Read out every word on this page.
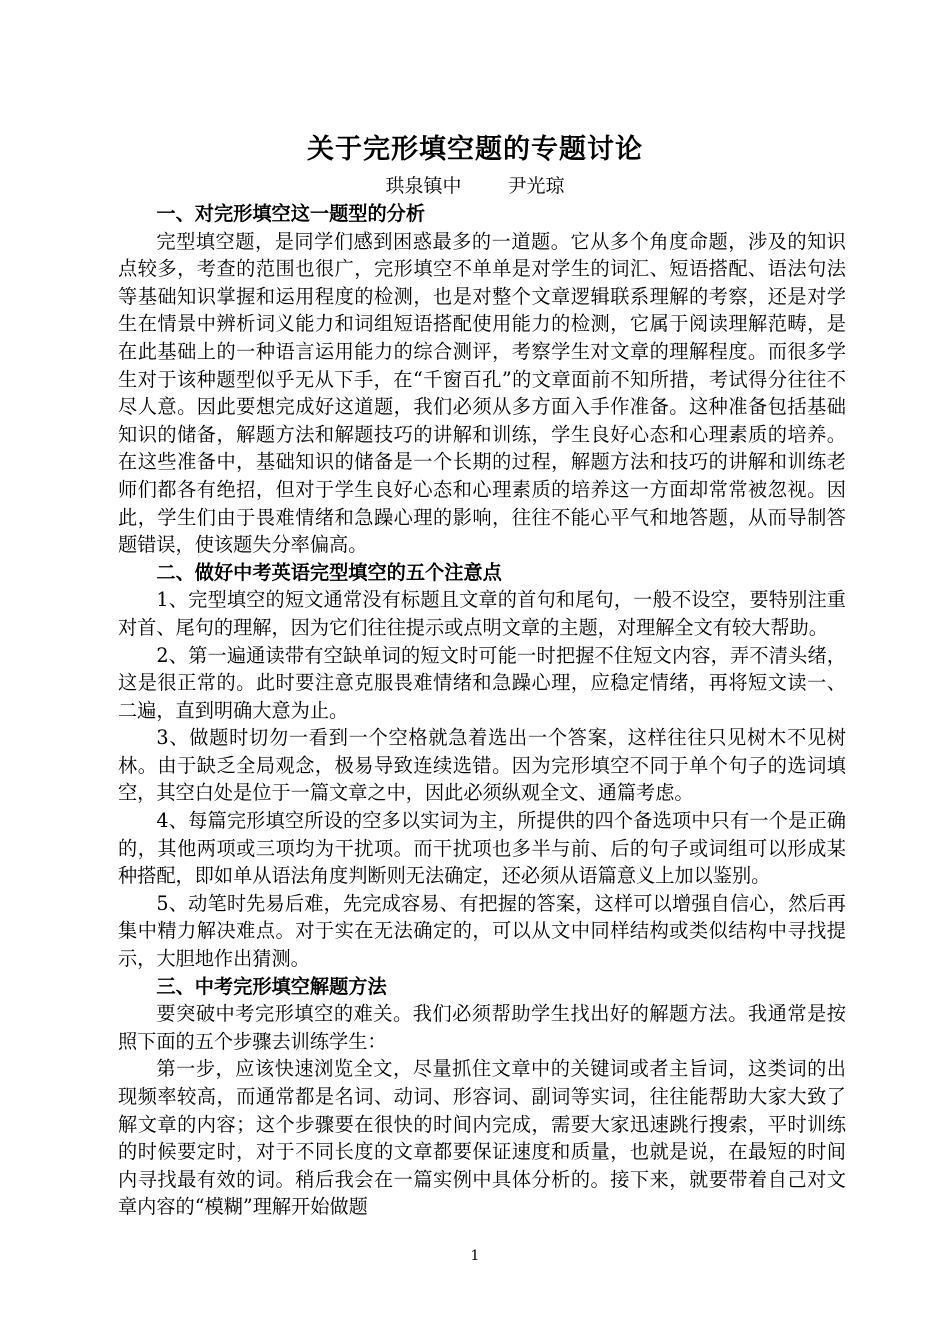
关于完形填空题的专题讨论
珙泉镇中 尹光琼
一、对完形填空这一题型的分析

完型填空题，是同学们感到困惑最多的一道题。它从多个角度命题，涉及的知识点较多，考查的范围也很广，完形填空不单单是对学生的词汇、短语搭配、语法句法等基础知识掌握和运用程度的检测，也是对整个文章逻辑联系理解的考察，还是对学生在情景中辨析词义能力和词组短语搭配使用能力的检测，它属于阅读理解范畴，是在此基础上的一种语言运用能力的综合测评，考察学生对文章的理解程度。而很多学生对于该种题型似乎无从下手，在“千窗百孔”的文章面前不知所措，考试得分往往不尽人意。因此要想完成好这道题，我们必须从多方面入手作准备。这种准备包括基础知识的储备，解题方法和解题技巧的讲解和训练，学生良好心态和心理素质的培养。在这些准备中，基础知识的储备是一个长期的过程，解题方法和技巧的讲解和训练老师们都各有绝招，但对于学生良好心态和心理素质的培养这一方面却常常被忽视。因此，学生们由于畏难情绪和急躁心理的影响，往往不能心平气和地答题，从而导制答题错误，使该题失分率偏高。

二、做好中考英语完型填空的五个注意点

1、完型填空的短文通常没有标题且文章的首句和尾句，一般不设空，要特别注重对首、尾句的理解，因为它们往往提示或点明文章的主题，对理解全文有较大帮助。

2、第一遍通读带有空缺单词的短文时可能一时把握不住短文内容，弄不清头绪，这是很正常的。此时要注意克服畏难情绪和急躁心理，应稳定情绪，再将短文读一、二遍，直到明确大意为止。

3、做题时切勿一看到一个空格就急着选出一个答案，这样往往只见树木不见树林。由于缺乏全局观念，极易导致连续选错。因为完形填空不同于单个句子的选词填空，其空白处是位于一篇文章之中，因此必须纵观全文、通篇考虑。

4、每篇完形填空所设的空多以实词为主，所提供的四个备选项中只有一个是正确的，其他两项或三项均为干扰项。而干扰项也多半与前、后的句子或词组可以形成某种搭配，即如单从语法角度判断则无法确定，还必须从语篇意义上加以鉴别。

5、动笔时先易后难，先完成容易、有把握的答案，这样可以增强自信心，然后再集中精力解决难点。对于实在无法确定的，可以从文中同样结构或类似结构中寻找提示，大胆地作出猜测。

三、中考完形填空解题方法

要突破中考完形填空的难关。我们必须帮助学生找出好的解题方法。我通常是按照下面的五个步骤去训练学生：

第一步，应该快速浏览全文，尽量抓住文章中的关键词或者主旨词，这类词的出现频率较高，而通常都是名词、动词、形容词、副词等实词，往往能帮助大家大致了解文章的内容；这个步骤要在很快的时间内完成，需要大家迅速跳行搜索，平时训练的时候要定时，对于不同长度的文章都要保证速度和质量，也就是说，在最短的时间内寻找最有效的词。稍后我会在一篇实例中具体分析的。接下来，就要带着自己对文章内容的“模糊”理解开始做题

1
